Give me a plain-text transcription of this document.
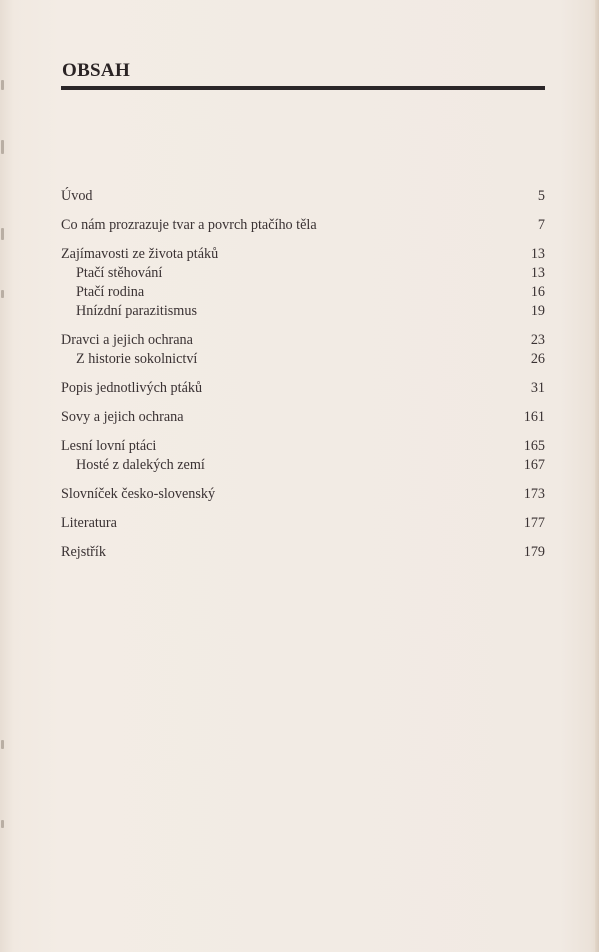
OBSAH
Úvod	5
Co nám prozrazuje tvar a povrch ptačího těla	7
Zajímavosti ze života ptáků	13
Ptačí stěhování	13
Ptačí rodina	16
Hnízdní parazitismus	19
Dravci a jejich ochrana	23
Z historie sokolnictví	26
Popis jednotlivých ptáků	31
Sovy a jejich ochrana	161
Lesní lovní ptáci	165
Hosté z dalekých zemí	167
Slovníček česko-slovenský	173
Literatura	177
Rejstřík	179
